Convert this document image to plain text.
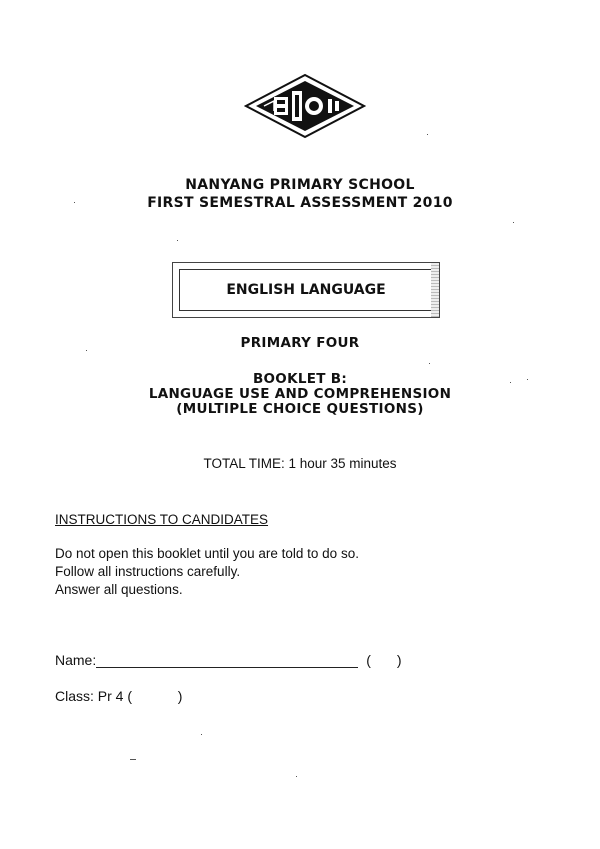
NANYANG PRIMARY SCHOOL
FIRST SEMESTRAL ASSESSMENT 2010
ENGLISH LANGUAGE
PRIMARY FOUR
BOOKLET B:
LANGUAGE USE AND COMPREHENSION
(MULTIPLE CHOICE QUESTIONS)
TOTAL TIME: 1 hour 35 minutes
INSTRUCTIONS TO CANDIDATES
Do not open this booklet until you are told to do so.
Follow all instructions carefully.
Answer all questions.
Name:	( )
Class: Pr 4 (	)
